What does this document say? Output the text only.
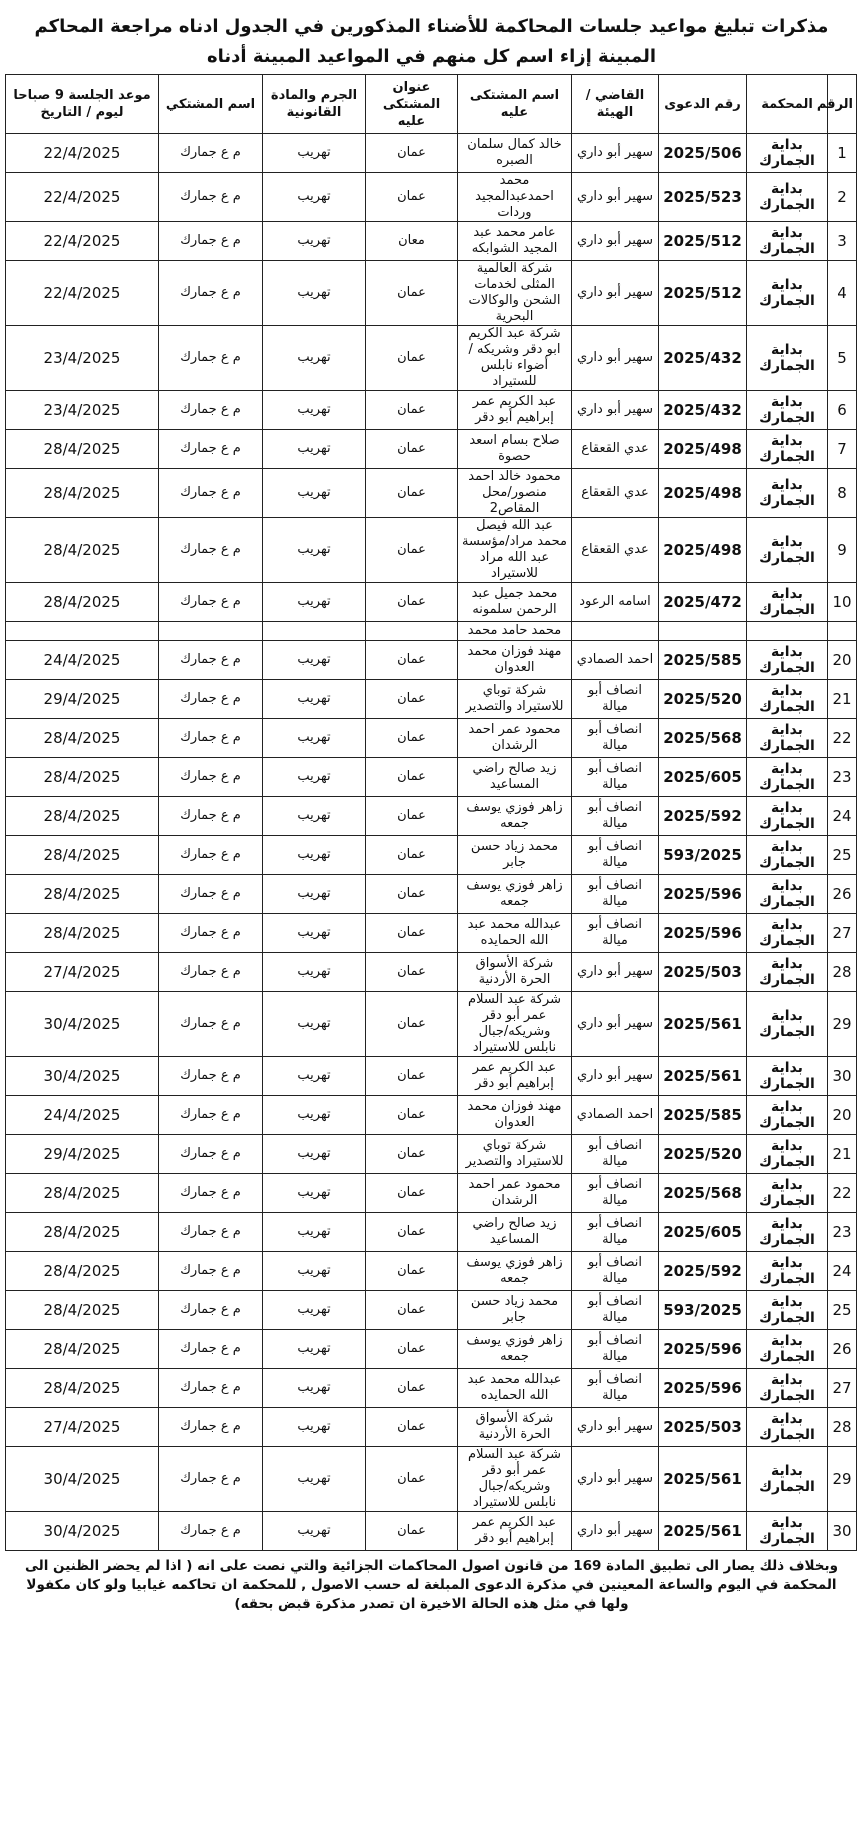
مذكرات تبليغ مواعيد جلسات المحاكمة للأضناء المذكورين في الجدول ادناه مراجعة المحاكم المبينة إزاء اسم كل منهم في المواعيد المبينة أدناه
الرقم	المحكمة	رقم الدعوى	القاضي / الهيئة	اسم المشتكى عليه	عنوان المشتكى عليه	الجرم والمادة القانونية	اسم المشتكي	موعد الجلسة 9 صباحا ليوم / التاريخ
1	بداية الجمارك	2025/506	سهير أبو داري	خالد كمال سلمان الصبره	عمان	تهريب	م ع جمارك	22/4/2025
2	بداية الجمارك	2025/523	سهير أبو داري	محمد احمدعبدالمجيد وردات	عمان	تهريب	م ع جمارك	22/4/2025
3	بداية الجمارك	2025/512	سهير أبو داري	عامر محمد عبد المجيد الشوابكه	معان	تهريب	م ع جمارك	22/4/2025
4	بداية الجمارك	2025/512	سهير أبو داري	شركة العالمية المثلى لخدمات الشحن والوكالات البحرية	عمان	تهريب	م ع جمارك	22/4/2025
5	بداية الجمارك	2025/432	سهير أبو داري	شركة عبد الكريم ابو دقر وشريكه /أضواء نابلس للستيراد	عمان	تهريب	م ع جمارك	23/4/2025
6	بداية الجمارك	2025/432	سهير أبو داري	عبد الكريم عمر إبراهيم أبو دقر	عمان	تهريب	م ع جمارك	23/4/2025
7	بداية الجمارك	2025/498	عدي القعقاع	صلاح بسام اسعد حصوة	عمان	تهريب	م ع جمارك	28/4/2025
8	بداية الجمارك	2025/498	عدي القعقاع	محمود خالد احمد منصور/محل المقاص2	عمان	تهريب	م ع جمارك	28/4/2025
9	بداية الجمارك	2025/498	عدي القعقاع	عبد الله فيصل محمد مراد/مؤسسة عبد الله مراد للاستيراد	عمان	تهريب	م ع جمارك	28/4/2025
10	بداية الجمارك	2025/472	اسامه الرعود	محمد جميل عبد الرحمن سلمونه	عمان	تهريب	م ع جمارك	28/4/2025
				محمد حامد محمد				
20	بداية الجمارك	2025/585	احمد الصمادي	مهند فوزان محمد العدوان	عمان	تهريب	م ع جمارك	24/4/2025
21	بداية الجمارك	2025/520	انصاف أبو ميالة	شركة توباي للاستيراد والتصدير	عمان	تهريب	م ع جمارك	29/4/2025
22	بداية الجمارك	2025/568	انصاف أبو ميالة	محمود عمر احمد الرشدان	عمان	تهريب	م ع جمارك	28/4/2025
23	بداية الجمارك	2025/605	انصاف أبو ميالة	زيد صالح راضي المساعيد	عمان	تهريب	م ع جمارك	28/4/2025
24	بداية الجمارك	2025/592	انصاف أبو ميالة	زاهر فوزي يوسف جمعه	عمان	تهريب	م ع جمارك	28/4/2025
25	بداية الجمارك	593/2025	انصاف أبو ميالة	محمد زياد حسن جابر	عمان	تهريب	م ع جمارك	28/4/2025
26	بداية الجمارك	2025/596	انصاف أبو ميالة	زاهر فوزي يوسف جمعه	عمان	تهريب	م ع جمارك	28/4/2025
27	بداية الجمارك	2025/596	انصاف أبو ميالة	عبدالله محمد عبد الله الحمايده	عمان	تهريب	م ع جمارك	28/4/2025
28	بداية الجمارك	2025/503	سهير أبو داري	شركة الأسواق الحرة الأردنية	عمان	تهريب	م ع جمارك	27/4/2025
29	بداية الجمارك	2025/561	سهير أبو داري	شركة عبد السلام عمر أبو دقر وشريكه/جبال نابلس للاستيراد	عمان	تهريب	م ع جمارك	30/4/2025
30	بداية الجمارك	2025/561	سهير أبو داري	عبد الكريم عمر إبراهيم أبو دقر	عمان	تهريب	م ع جمارك	30/4/2025
20	بداية الجمارك	2025/585	احمد الصمادي	مهند فوزان محمد العدوان	عمان	تهريب	م ع جمارك	24/4/2025
21	بداية الجمارك	2025/520	انصاف أبو ميالة	شركة توباي للاستيراد والتصدير	عمان	تهريب	م ع جمارك	29/4/2025
22	بداية الجمارك	2025/568	انصاف أبو ميالة	محمود عمر احمد الرشدان	عمان	تهريب	م ع جمارك	28/4/2025
23	بداية الجمارك	2025/605	انصاف أبو ميالة	زيد صالح راضي المساعيد	عمان	تهريب	م ع جمارك	28/4/2025
24	بداية الجمارك	2025/592	انصاف أبو ميالة	زاهر فوزي يوسف جمعه	عمان	تهريب	م ع جمارك	28/4/2025
25	بداية الجمارك	593/2025	انصاف أبو ميالة	محمد زياد حسن جابر	عمان	تهريب	م ع جمارك	28/4/2025
26	بداية الجمارك	2025/596	انصاف أبو ميالة	زاهر فوزي يوسف جمعه	عمان	تهريب	م ع جمارك	28/4/2025
27	بداية الجمارك	2025/596	انصاف أبو ميالة	عبدالله محمد عبد الله الحمايده	عمان	تهريب	م ع جمارك	28/4/2025
28	بداية الجمارك	2025/503	سهير أبو داري	شركة الأسواق الحرة الأردنية	عمان	تهريب	م ع جمارك	27/4/2025
29	بداية الجمارك	2025/561	سهير أبو داري	شركة عبد السلام عمر أبو دقر وشريكه/جبال نابلس للاستيراد	عمان	تهريب	م ع جمارك	30/4/2025
30	بداية الجمارك	2025/561	سهير أبو داري	عبد الكريم عمر إبراهيم أبو دقر	عمان	تهريب	م ع جمارك	30/4/2025
وبخلاف ذلك يصار الى تطبيق المادة 169 من قانون اصول المحاكمات الجزائية والتي نصت على انه ( اذا لم يحضر الظنين الى المحكمة في اليوم والساعة المعينين في مذكرة الدعوى المبلغة له حسب الاصول , للمحكمة ان تحاكمه غيابيا ولو كان مكفولا ولها في مثل هذه الحالة الاخيرة ان تصدر مذكرة قبض بحقه)
